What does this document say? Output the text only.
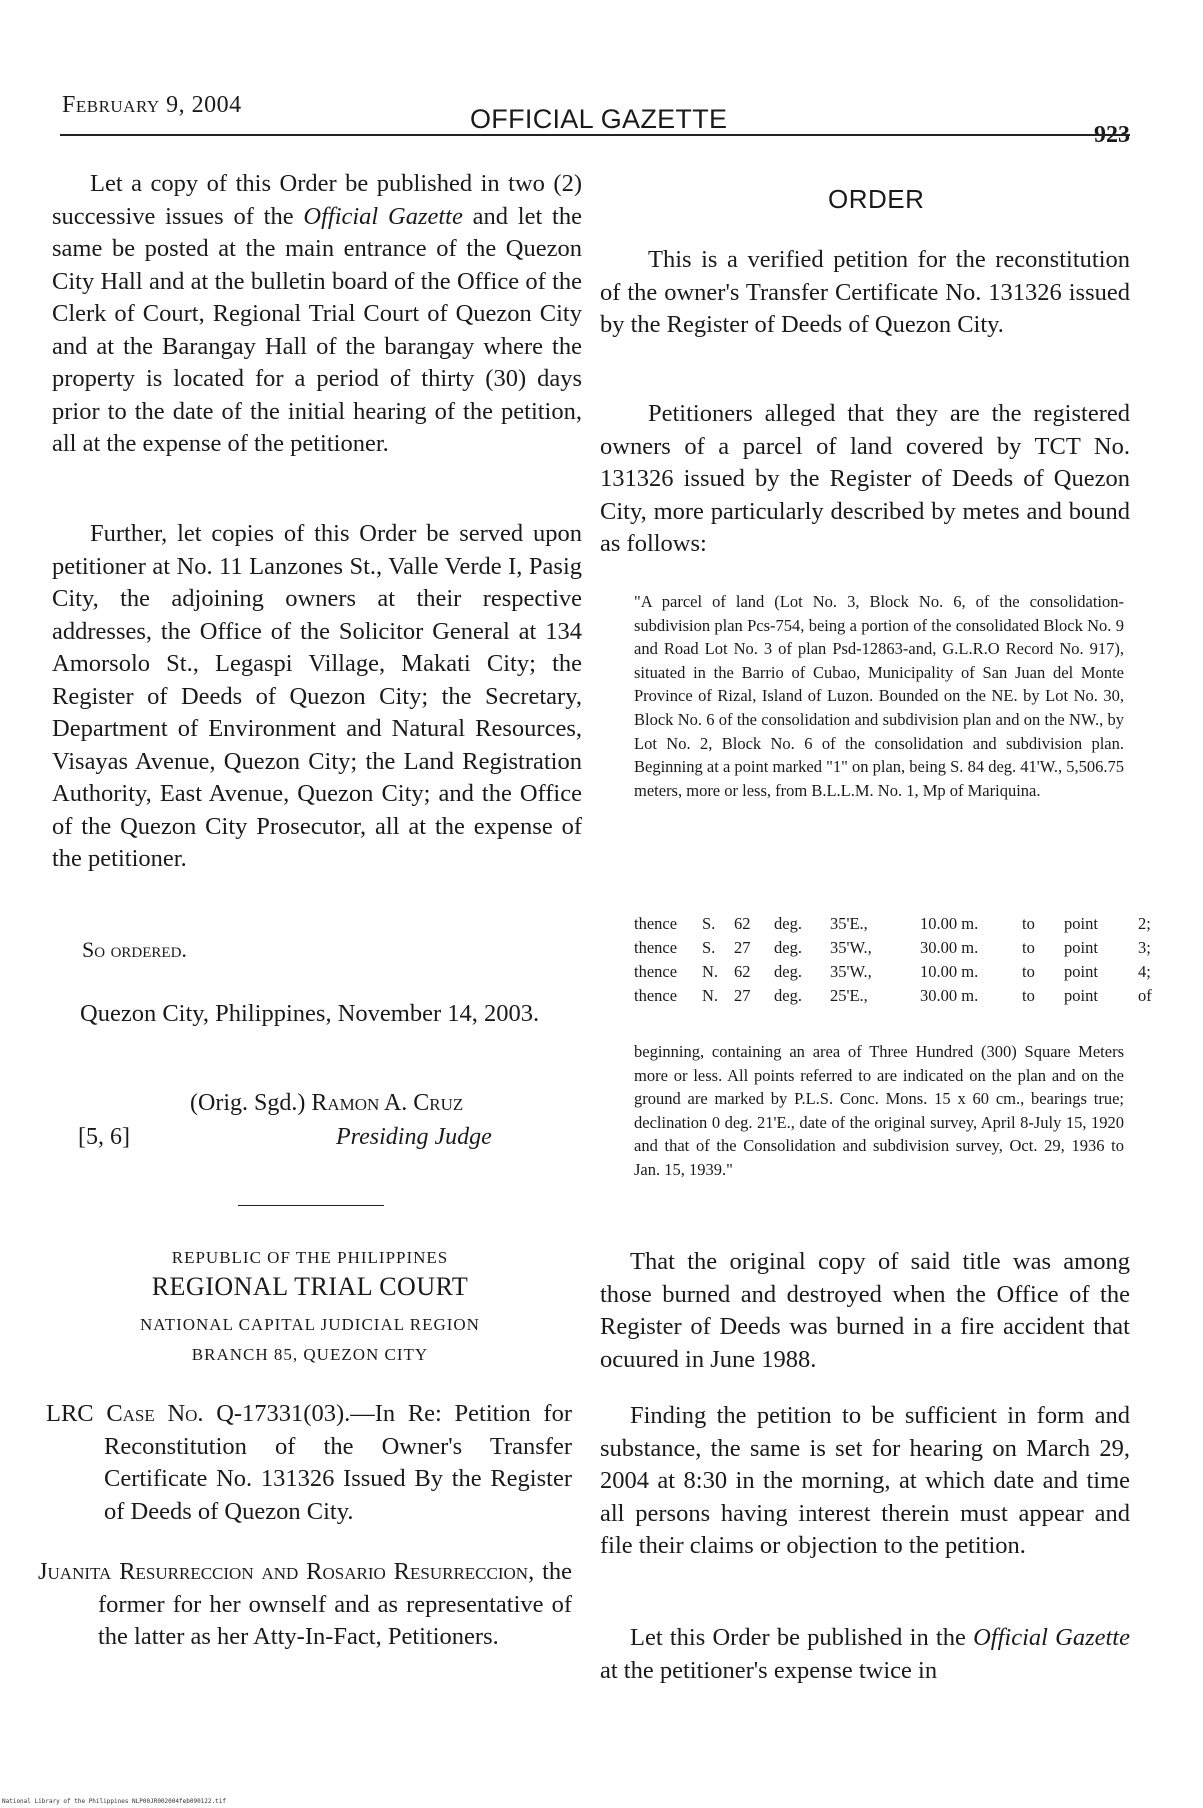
February 9, 2004	OFFICIAL GAZETTE
923
Let a copy of this Order be published in two (2) successive issues of the Official Gazette and let the same be posted at the main entrance of the Quezon City Hall and at the bulletin board of the Office of the Clerk of Court, Regional Trial Court of Quezon City and at the Barangay Hall of the barangay where the property is located for a period of thirty (30) days prior to the date of the initial hearing of the petition, all at the expense of the petitioner.
Further, let copies of this Order be served upon petitioner at No. 11 Lanzones St., Valle Verde I, Pasig City, the adjoining owners at their respective addresses, the Office of the Solicitor General at 134 Amorsolo St., Legaspi Village, Makati City; the Register of Deeds of Quezon City; the Secretary, Department of Environment and Natural Resources, Visayas Avenue, Quezon City; the Land Registration Authority, East Avenue, Quezon City; and the Office of the Quezon City Prosecutor, all at the expense of the petitioner.
So ordered.
Quezon City, Philippines, November 14, 2003.
(Orig. Sgd.) Ramon A. Cruz
Presiding Judge
[5, 6]
REPUBLIC OF THE PHILIPPINES
REGIONAL TRIAL COURT
NATIONAL CAPITAL JUDICIAL REGION
BRANCH 85, QUEZON CITY
LRC Case No. Q-17331(03).—In Re: Petition for Reconstitution of the Owner's Transfer Certificate No. 131326 Issued By the Register of Deeds of Quezon City.
Juanita Resurreccion and Rosario Resurreccion, the former for her ownself and as representative of the latter as her Atty-In-Fact, Petitioners.
ORDER
This is a verified petition for the reconstitution of the owner's Transfer Certificate No. 131326 issued by the Register of Deeds of Quezon City.
Petitioners alleged that they are the registered owners of a parcel of land covered by TCT No. 131326 issued by the Register of Deeds of Quezon City, more particularly described by metes and bound as follows:
"A parcel of land (Lot No. 3, Block No. 6, of the consolidation-subdivision plan Pcs-754, being a portion of the consolidated Block No. 9 and Road Lot No. 3 of plan Psd-12863-and, G.L.R.O Record No. 917), situated in the Barrio of Cubao, Municipality of San Juan del Monte Province of Rizal, Island of Luzon. Bounded on the NE. by Lot No. 30, Block No. 6 of the consolidation and subdivision plan and on the NW., by Lot No. 2, Block No. 6 of the consolidation and subdivision plan. Beginning at a point marked "1" on plan, being S. 84 deg. 41'W., 5,506.75 meters, more or less, from B.L.L.M. No. 1, Mp of Mariquina.
thence	S.	62	deg.	35'E.,	10.00 m.	to	point	2;
thence	S.	27	deg.	35'W.,	30.00 m.	to	point	3;
thence	N.	62	deg.	35'W.,	10.00 m.	to	point	4;
thence	N.	27	deg.	25'E.,	30.00 m.	to	point	of
beginning, containing an area of Three Hundred (300) Square Meters more or less. All points referred to are indicated on the plan and on the ground are marked by P.L.S. Conc. Mons. 15 x 60 cm., bearings true; declination 0 deg. 21'E., date of the original survey, April 8-July 15, 1920 and that of the Consolidation and subdivision survey, Oct. 29, 1936 to Jan. 15, 1939."
That the original copy of said title was among those burned and destroyed when the Office of the Register of Deeds was burned in a fire accident that ocuured in June 1988.
Finding the petition to be sufficient in form and substance, the same is set for hearing on March 29, 2004 at 8:30 in the morning, at which date and time all persons having interest therein must appear and file their claims or objection to the petition.
Let this Order be published in the Official Gazette at the petitioner's expense twice in
National Library of the Philippines NLP00JR002004feb090122.tif
